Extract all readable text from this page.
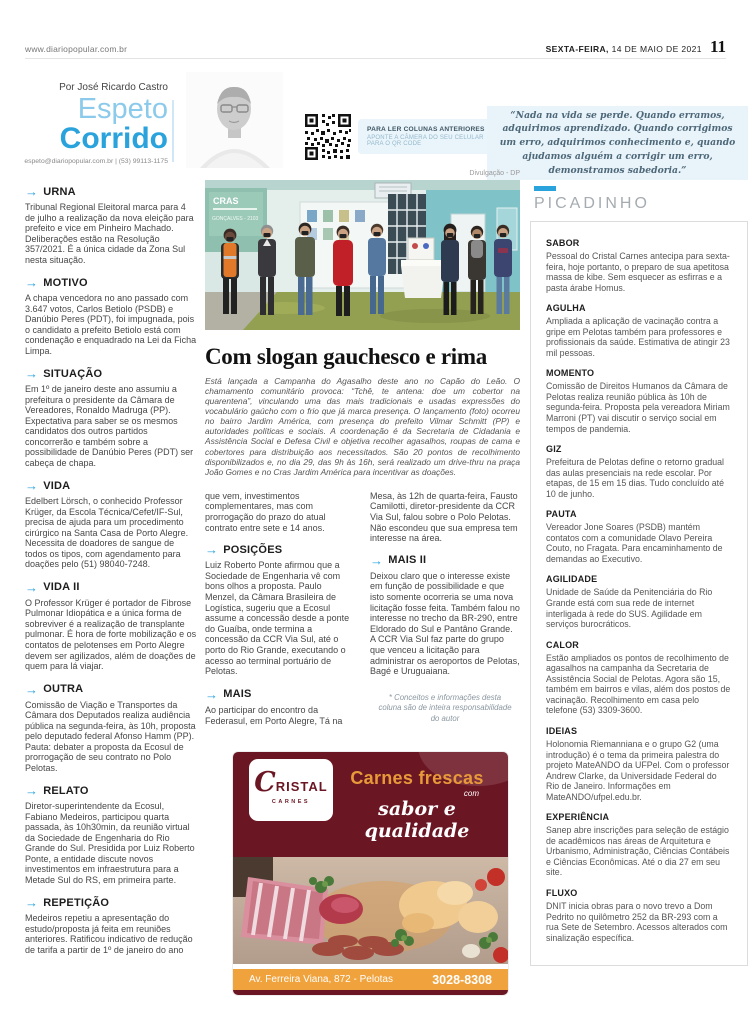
www.diariopopular.com.br	SEXTA-FEIRA, 14 DE MAIO DE 2021 11
Por José Ricardo Castro
Espeto
Corrido
espeto@diariopopular.com.br | (53) 99113-1175
PARA LER COLUNAS ANTERIORES
APONTE A CÂMERA DO SEU CELULAR PARA O QR CODE
“Nada na vida se perde. Quando erramos, adquirimos aprendizado. Quando corrigimos um erro, adquirimos conhecimento e, quando ajudamos alguém a corrigir um erro, demonstramos sabedoria.”
→ URNA
Tribunal Regional Eleitoral marca para 4 de julho a realização da nova eleição para prefeito e vice em Pinheiro Machado. Deliberações estão na Resolução 357/2021. É a única cidade da Zona Sul nesta situação.
→ MOTIVO
A chapa vencedora no ano passado com 3.647 votos, Carlos Betiolo (PSDB) e Danúbio Peres (PDT), foi impugnada, pois o candidato a prefeito Betiolo está com condenação e enquadrado na Lei da Ficha Limpa.
→ SITUAÇÃO
Em 1º de janeiro deste ano assumiu a prefeitura o presidente da Câmara de Vereadores, Ronaldo Madruga (PP). Expectativa para saber se os mesmos candidatos dos outros partidos concorrerão e também sobre a possibilidade de Danúbio Peres (PDT) ser cabeça de chapa.
→ VIDA
Edelbert Lörsch, o conhecido Professor Krüger, da Escola Técnica/Cefet/IF-Sul, precisa de ajuda para um procedimento cirúrgico na Santa Casa de Porto Alegre. Necessita de doadores de sangue de todos os tipos, com agendamento para doações pelo (51) 98040-7248.
→ VIDA II
O Professor Krüger é portador de Fibrose Pulmonar Idiopática e a única forma de sobreviver é a realização de transplante pulmonar. É hora de forte mobilização e os contatos de pelotenses em Porto Alegre devem ser agilizados, além de doações de quem para lá viajar.
→ OUTRA
Comissão de Viação e Transportes da Câmara dos Deputados realiza audiência pública na segunda-feira, às 10h, proposta pelo deputado federal Afonso Hamm (PP). Pauta: debater a proposta da Ecosul de prorrogação de seu contrato no Polo Pelotas.
→ RELATO
Diretor-superintendente da Ecosul, Fabiano Medeiros, participou quarta passada, às 10h30min, da reunião virtual da Sociedade de Engenharia do Rio Grande do Sul. Presidida por Luiz Roberto Ponte, a entidade discute novos investimentos em infraestrutura para a Metade Sul do RS, em primeira parte.
→ REPETIÇÃO
Medeiros repetiu a apresentação do estudo/proposta já feita em reuniões anteriores. Ratificou indicativo de redução de tarifa a partir de 1º de janeiro do ano
Divulgação - DP
CRAS
GONÇALVES - 2103
Com slogan gauchesco e rima
Está lançada a Campanha do Agasalho deste ano no Capão do Leão. O chamamento comunitário provoca: “Tchê, te antena: doe um cobertor na quarentena”, vinculando uma das mais tradicionais e usadas expressões do vocabulário gaúcho com o frio que já marca presença. O lançamento (foto) ocorreu no bairro Jardim América, com presença do prefeito Vilmar Schmitt (PP) e autoridades políticas e sociais. A coordenação é da Secretaria de Cidadania e Assistência Social e Defesa Civil e objetiva recolher agasalhos, roupas de cama e cobertores para distribuição aos necessitados. São 20 pontos de recolhimento disponibilizados e, no dia 29, das 9h às 16h, será realizado um drive-thru na praça João Gomes e no Cras Jardim América para incentivar as doações.
que vem, investimentos complementares, mas com prorrogação do prazo do atual contrato entre sete e 14 anos.
→ POSIÇÕES
Luiz Roberto Ponte afirmou que a Sociedade de Engenharia vê com bons olhos a proposta. Paulo Menzel, da Câmara Brasileira de Logística, sugeriu que a Ecosul assume a concessão desde a ponte do Guaíba, onde termina a concessão da CCR Via Sul, até o porto do Rio Grande, executando o acesso ao terminal portuário de Pelotas.
→ MAIS
Ao participar do encontro da Federasul, em Porto Alegre, Tá na
Mesa, às 12h de quarta-feira, Fausto Camilotti, diretor-presidente da CCR Via Sul, falou sobre o Polo Pelotas. Não escondeu que sua empresa tem interesse na área.
→ MAIS II
Deixou claro que o interesse existe em função de possibilidade e que isto somente ocorreria se uma nova licitação fosse feita. Também falou no interesse no trecho da BR-290, entre Eldorado do Sul e Pantâno Grande. A CCR Via Sul faz parte do grupo que venceu a licitação para administrar os aeroportos de Pelotas, Bagé e Uruguaiana.
* Conceitos e informações desta coluna são de inteira responsabilidade do autor
PICADINHO
SABOR
Pessoal do Cristal Carnes antecipa para sexta-feira, hoje portanto, o preparo de sua apetitosa massa de kibe. Sem esquecer as esfirras e a pasta árabe Homus.
AGULHA
Ampliada a aplicação de vacinação contra a gripe em Pelotas também para professores e profissionais da saúde. Estimativa de atingir 23 mil pessoas.
MOMENTO
Comissão de Direitos Humanos da Câmara de Pelotas realiza reunião pública às 10h de segunda-feira. Proposta pela vereadora Miriam Marroni (PT) vai discutir o serviço social em tempos de pandemia.
GIZ
Prefeitura de Pelotas define o retorno gradual das aulas presenciais na rede escolar. Por etapas, de 15 em 15 dias. Tudo concluído até 10 de junho.
PAUTA
Vereador Jone Soares (PSDB) mantém contatos com a comunidade Olavo Pereira Couto, no Fragata. Para encaminhamento de demandas ao Executivo.
AGILIDADE
Unidade de Saúde da Penitenciária do Rio Grande está com sua rede de internet interligada à rede do SUS. Agilidade em serviços burocráticos.
CALOR
Estão ampliados os pontos de recolhimento de agasalhos na campanha da Secretaria de Assistência Social de Pelotas. Agora são 15, também em bairros e vilas, além dos postos de vacinação. Recolhimento em casa pelo telefone (53) 3309-3600.
IDEIAS
Holonomia Riemanniana e o grupo G2 (uma introdução) é o tema da primeira palestra do projeto MateANDO da UFPel. Com o professor Andrew Clarke, da Universidade Federal do Rio de Janeiro. Informações em MateANDO/ufpel.edu.br.
EXPERIÊNCIA
Sanep abre inscrições para seleção de estágio de acadêmicos nas áreas de Arquitetura e Urbanismo, Administração, Ciências Contábeis e Ciências Econômicas. Até o dia 27 em seu site.
FLUXO
DNIT inicia obras para o novo trevo a Dom Pedrito no quilômetro 252 da BR-293 com a rua Sete de Setembro. Acessos alterados com sinalização específica.
CRISTAL
CARNES
Carnes frescas
com
sabor e qualidade
Av. Ferreira Viana, 872 - Pelotas	3028-8308
